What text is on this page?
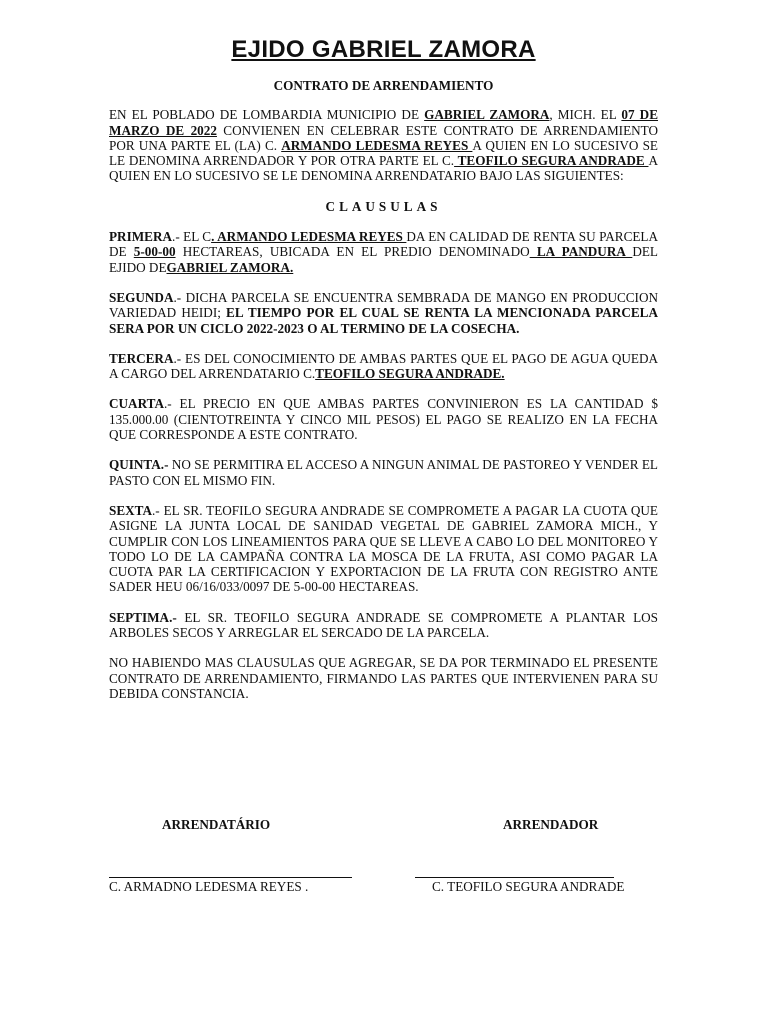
EJIDO GABRIEL ZAMORA
CONTRATO DE ARRENDAMIENTO

EN EL POBLADO DE LOMBARDIA MUNICIPIO DE GABRIEL ZAMORA, MICH. EL 07 DE MARZO DE 2022 CONVIENEN EN CELEBRAR ESTE CONTRATO DE ARRENDAMIENTO POR UNA PARTE EL (LA) C. ARMANDO LEDESMA REYES A QUIEN EN LO SUCESIVO SE LE DENOMINA ARRENDADOR Y POR OTRA PARTE EL C. TEOFILO SEGURA ANDRADE A QUIEN EN LO SUCESIVO SE LE DENOMINA ARRENDATARIO BAJO LAS SIGUIENTES:

CLAUSULAS

PRIMERA.- EL C. ARMANDO LEDESMA REYES DA EN CALIDAD DE RENTA SU PARCELA DE 5-00-00 HECTAREAS, UBICADA EN EL PREDIO DENOMINADO LA PANDURA DEL EJIDO DEGABRIEL ZAMORA.

SEGUNDA.- DICHA PARCELA SE ENCUENTRA SEMBRADA DE MANGO EN PRODUCCION VARIEDAD HEIDI; EL TIEMPO POR EL CUAL SE RENTA LA MENCIONADA PARCELA SERA POR UN CICLO 2022-2023 O AL TERMINO DE LA COSECHA.

TERCERA.- ES DEL CONOCIMIENTO DE AMBAS PARTES QUE EL PAGO DE AGUA QUEDA A CARGO DEL ARRENDATARIO C.TEOFILO SEGURA ANDRADE.

CUARTA.- EL PRECIO EN QUE AMBAS PARTES CONVINIERON ES LA CANTIDAD $ 135.000.00 (CIENTOTREINTA Y CINCO MIL PESOS) EL PAGO SE REALIZO EN LA FECHA QUE CORRESPONDE A ESTE CONTRATO.

QUINTA.- NO SE PERMITIRA EL ACCESO A NINGUN ANIMAL DE PASTOREO Y VENDER EL PASTO CON EL MISMO FIN.

SEXTA.- EL SR. TEOFILO SEGURA ANDRADE SE COMPROMETE A PAGAR LA CUOTA QUE ASIGNE LA JUNTA LOCAL DE SANIDAD VEGETAL DE GABRIEL ZAMORA MICH., Y CUMPLIR CON LOS LINEAMIENTOS PARA QUE SE LLEVE A CABO LO DEL MONITOREO Y TODO LO DE LA CAMPAÑA CONTRA LA MOSCA DE LA FRUTA, ASI COMO PAGAR LA CUOTA PAR LA CERTIFICACION Y EXPORTACION DE LA FRUTA CON REGISTRO ANTE SADER HEU 06/16/033/0097 DE 5-00-00 HECTAREAS.

SEPTIMA.- EL SR. TEOFILO SEGURA ANDRADE SE COMPROMETE A PLANTAR LOS ARBOLES SECOS Y ARREGLAR EL SERCADO DE LA PARCELA.

NO HABIENDO MAS CLAUSULAS QUE AGREGAR, SE DA POR TERMINADO EL PRESENTE CONTRATO DE ARRENDAMIENTO, FIRMANDO LAS PARTES QUE INTERVIENEN PARA SU DEBIDA CONSTANCIA.

ARRENDATÁRIO	ARRENDADOR
C. ARMADNO LEDESMA REYES .	C. TEOFILO SEGURA ANDRADE
